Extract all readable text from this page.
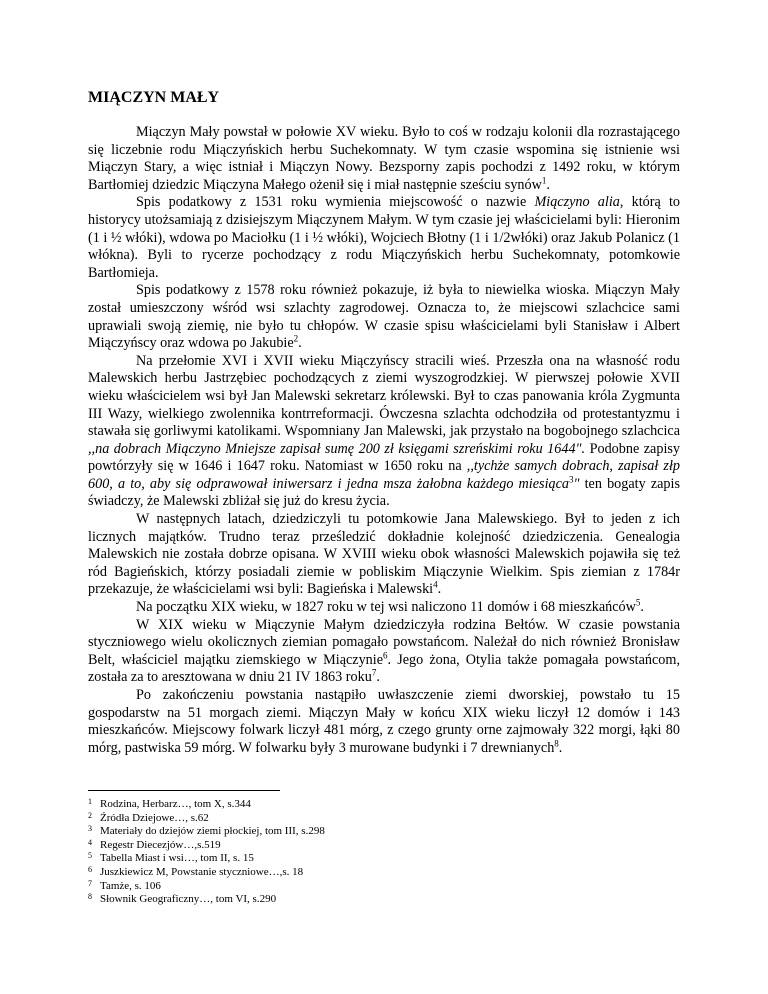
MIĄCZYN MAŁY

Miączyn Mały powstał w połowie XV wieku. Było to coś w rodzaju kolonii dla rozrastającego się liczebnie rodu Miączyńskich herbu Suchekomnaty. W tym czasie wspomina się istnienie wsi Miączyn Stary, a więc istniał i Miączyn Nowy. Bezsporny zapis pochodzi z 1492 roku, w którym Bartłomiej dziedzic Miączyna Małego ożenił się i miał następnie sześciu synów$^1$.

Spis podatkowy z 1531 roku wymienia miejscowość o nazwie Miączyno alia, którą to historycy utożsamiają z dzisiejszym Miączynem Małym. W tym czasie jej właścicielami byli: Hieronim (1 i ½ włóki), wdowa po Maciołku (1 i ½ włóki), Wojciech Błotny (1 i 1/2włóki) oraz Jakub Polanicz (1 włókna). Byli to rycerze pochodzący z rodu Miączyńskich herbu Suchekomnaty, potomkowie Bartłomieja.

Spis podatkowy z 1578 roku również pokazuje, iż była to niewielka wioska. Miączyn Mały został umieszczony wśród wsi szlachty zagrodowej. Oznacza to, że miejscowi szlachcice sami uprawiali swoją ziemię, nie było tu chłopów. W czasie spisu właścicielami byli Stanisław i Albert Miączyńscy oraz wdowa po Jakubie$^2$.

Na przełomie XVI i XVII wieku Miączyńscy stracili wieś. Przeszła ona na własność rodu Malewskich herbu Jastrzębiec pochodzących z ziemi wyszogrodzkiej. W pierwszej połowie XVII wieku właścicielem wsi był Jan Malewski sekretarz królewski. Był to czas panowania króla Zygmunta III Wazy, wielkiego zwolennika kontrreformacji. Ówczesna szlachta odchodziła od protestantyzmu i stawała się gorliwymi katolikami. Wspomniany Jan Malewski, jak przystało na bogobojnego szlachcica ,,na dobrach Miączyno Mniejsze zapisał sumę 200 zł księgami szreńskimi roku 1644". Podobne zapisy powtórzyły się w 1646 i 1647 roku. Natomiast w 1650 roku na ,,tychże samych dobrach, zapisał złp 600, a to, aby się odprawował iniwersarz i jedna msza żałobna każdego miesiąca$^3$" ten bogaty zapis świadczy, że Malewski zbliżał się już do kresu życia.

W następnych latach, dziedziczyli tu potomkowie Jana Malewskiego. Był to jeden z ich licznych majątków. Trudno teraz prześledzić dokładnie kolejność dziedziczenia. Genealogia Malewskich nie została dobrze opisana. W XVIII wieku obok własności Malewskich pojawiła się też ród Bagieńskich, którzy posiadali ziemie w pobliskim Miączynie Wielkim. Spis ziemian z 1784r przekazuje, że właścicielami wsi byli: Bagieńska i Malewski$^4$.

Na początku XIX wieku, w 1827 roku w tej wsi naliczono 11 domów i 68 mieszkańców$^5$.

W XIX wieku w Miączynie Małym dziedziczyła rodzina Bełtów. W czasie powstania styczniowego wielu okolicznych ziemian pomagało powstańcom. Należał do nich również Bronisław Belt, właściciel majątku ziemskiego w Miączynie$^6$. Jego żona, Otylia także pomagała powstańcom, została za to aresztowana w dniu 21 IV 1863 roku$^7$.

Po zakończeniu powstania nastąpiło uwłaszczenie ziemi dworskiej, powstało tu 15 gospodarstw na 51 morgach ziemi. Miączyn Mały w końcu XIX wieku liczył 12 domów i 143 mieszkańców. Miejscowy folwark liczył 481 mórg, z czego grunty orne zajmowały 322 morgi, łąki 80 mórg, pastwiska 59 mórg. W folwarku były 3 murowane budynki i 7 drewnianych$^8$.

1 Rodzina, Herbarz…, tom X, s.344
2 Źródła Dziejowe…, s.62
3 Materiały do dziejów ziemi płockiej, tom III, s.298
4 Regestr Diecezjów…,s.519
5 Tabella Miast i wsi…, tom II, s. 15
6 Juszkiewicz M, Powstanie styczniowe…,s. 18
7 Tamże, s. 106
8 Słownik Geograficzny…, tom VI, s.290
